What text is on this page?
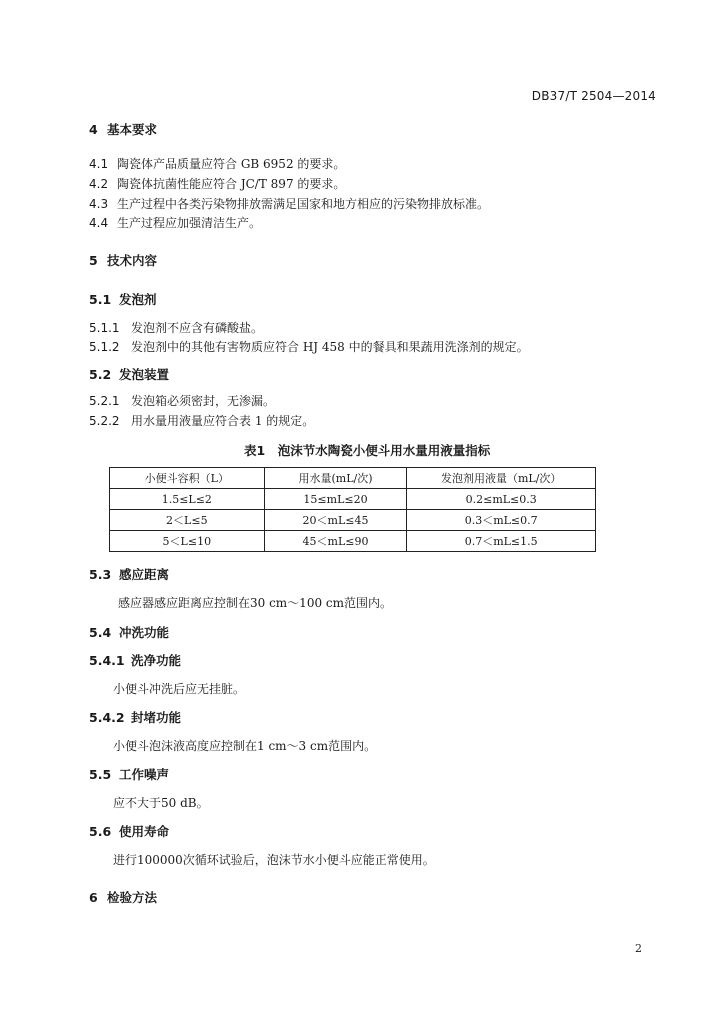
DB37/T 2504—2014
4 基本要求
4.1 陶瓷体产品质量应符合 GB 6952 的要求。
4.2 陶瓷体抗菌性能应符合 JC/T 897 的要求。
4.3 生产过程中各类污染物排放需满足国家和地方相应的污染物排放标准。
4.4 生产过程应加强清洁生产。
5 技术内容
5.1 发泡剂
5.1.1 发泡剂不应含有磷酸盐。
5.1.2 发泡剂中的其他有害物质应符合 HJ 458 中的餐具和果蔬用洗涤剂的规定。
5.2 发泡装置
5.2.1 发泡箱必须密封，无渗漏。
5.2.2 用水量用液量应符合表 1 的规定。
表1　泡沫节水陶瓷小便斗用水量用液量指标
小便斗容积（L）	用水量(mL/次)	发泡剂用液量（mL/次）
1.5≤L≤2	15≤mL≤20	0.2≤mL≤0.3
2＜L≤5	20＜mL≤45	0.3＜mL≤0.7
5＜L≤10	45＜mL≤90	0.7＜mL≤1.5
5.3 感应距离
感应器感应距离应控制在30 cm～100 cm范围内。
5.4 冲洗功能
5.4.1 洗净功能
小便斗冲洗后应无挂脏。
5.4.2 封堵功能
小便斗泡沫液高度应控制在1 cm～3 cm范围内。
5.5 工作噪声
应不大于50 dB。
5.6 使用寿命
进行100000次循环试验后，泡沫节水小便斗应能正常使用。
6 检验方法
2
